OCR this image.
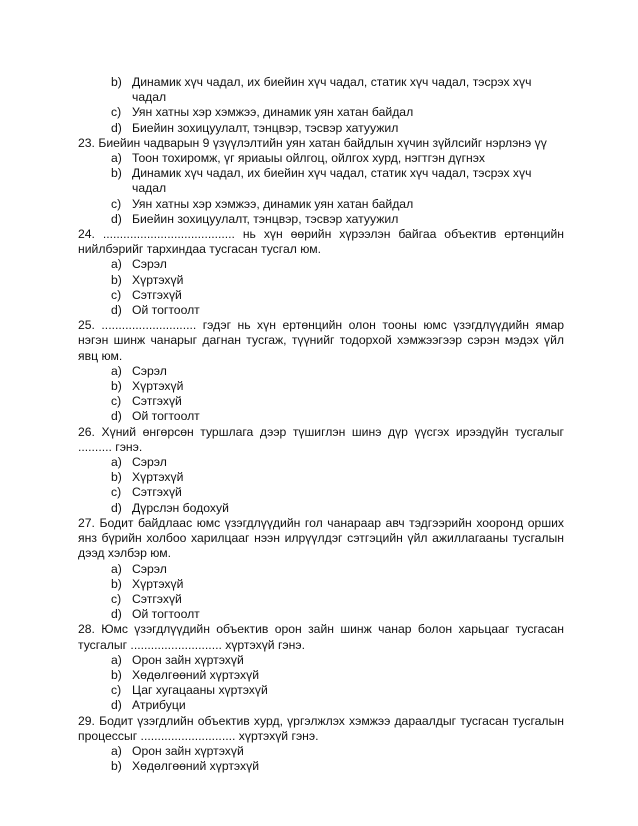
b) Динамик хүч чадал, их биейин хүч чадал, статик хүч чадал, тэсрэх хүч чадал
c) Уян хатны хэр хэмжээ, динамик уян хатан байдал
d) Биейин зохицуулалт, тэнцвэр, тэсвэр хатуужил
23. Биейин чадварын 9 үзүүлэлтийн уян хатан байдлын хүчин зүйлсийг нэрлэнэ үү
a) Тоон тохиромж, үг яриаыы ойлгоц, ойлгох хурд, нэгтгэн дүгнэх
b) Динамик хүч чадал, их биейин хүч чадал, статик хүч чадал, тэсрэх хүч чадал
c) Уян хатны хэр хэмжээ, динамик уян хатан байдал
d) Биейин зохицуулалт, тэнцвэр, тэсвэр хатуужил
24. ....................................... нь хүн өөрийн хүрээлэн байгаа объектив ертөнцийн нийлбэрийг тархиндаа тусгасан тусгал юм.
a) Сэрэл
b) Хүртэхүй
c) Сэтгэхүй
d) Ой тогтоолт
25. ............................ гэдэг нь хүн ертөнцийн олон тооны юмс үзэгдлүүдийн ямар нэгэн шинж чанарыг дагнан тусгаж, түүнийг тодорхой хэмжээгээр сэрэн мэдэх үйл явц юм.
a) Сэрэл
b) Хүртэхүй
c) Сэтгэхүй
d) Ой тогтоолт
26. Хүний өнгөрсөн туршлага дээр түшиглэн шинэ дүр үүсгэх ирээдүйн тусгалыг .......... гэнэ.
a) Сэрэл
b) Хүртэхүй
c) Сэтгэхүй
d) Дүрслэн бодохуй
27. Бодит байдлаас юмс үзэгдлүүдийн гол чанараар авч тэдгээрийн хооронд орших янз бүрийн холбоо харилцааг нээн илрүүлдэг сэтгэцийн үйл ажиллагааны тусгалын дээд хэлбэр юм.
a) Сэрэл
b) Хүртэхүй
c) Сэтгэхүй
d) Ой тогтоолт
28. Юмс үзэгдлүүдийн объектив орон зайн шинж чанар болон харьцааг тусгасан тусгалыг ........................... хүртэхүй гэнэ.
a) Орон зайн хүртэхүй
b) Хөдөлгөөний хүртэхүй
c) Цаг хугацааны хүртэхүй
d) Атрибуци
29. Бодит үзэгдлийн объектив хурд, үргэлжлэх хэмжээ дараалдыг тусгасан тусгалын процессыг ............................ хүртэхүй гэнэ.
a) Орон зайн хүртэхүй
b) Хөдөлгөөний хүртэхүй
